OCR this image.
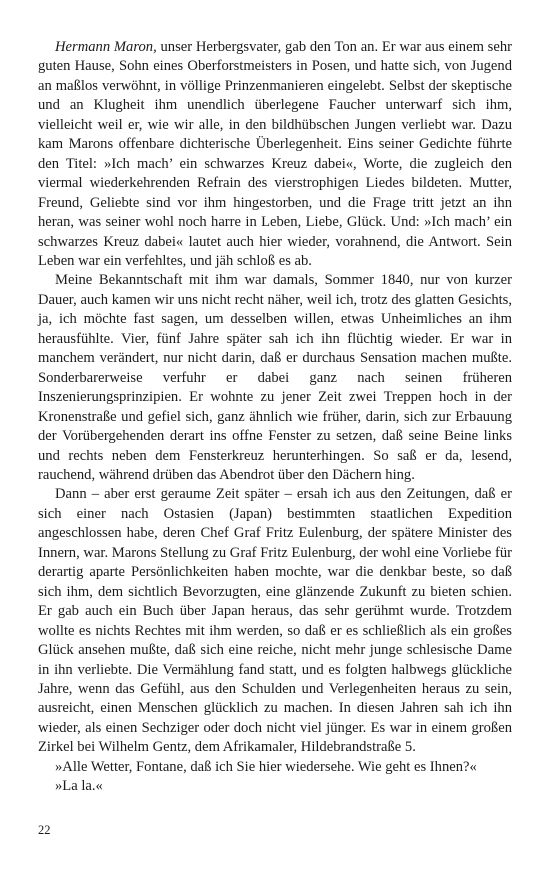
Hermann Maron, unser Herbergsvater, gab den Ton an. Er war aus einem sehr guten Hause, Sohn eines Oberforstmeisters in Posen, und hatte sich, von Jugend an maßlos verwöhnt, in völlige Prinzenmanieren eingelebt. Selbst der skeptische und an Klugheit ihm unendlich überlegene Faucher unterwarf sich ihm, vielleicht weil er, wie wir alle, in den bildhübschen Jungen verliebt war. Dazu kam Marons offenbare dichterische Überlegenheit. Eins seiner Gedichte führte den Titel: »Ich mach’ ein schwarzes Kreuz dabei«, Worte, die zugleich den viermal wiederkehrenden Refrain des vierstrophigen Liedes bildeten. Mutter, Freund, Geliebte sind vor ihm hingestorben, und die Frage tritt jetzt an ihn heran, was seiner wohl noch harre in Leben, Liebe, Glück. Und: »Ich mach’ ein schwarzes Kreuz dabei« lautet auch hier wieder, vorahnend, die Antwort. Sein Leben war ein verfehltes, und jäh schloß es ab.

Meine Bekanntschaft mit ihm war damals, Sommer 1840, nur von kurzer Dauer, auch kamen wir uns nicht recht näher, weil ich, trotz des glatten Gesichts, ja, ich möchte fast sagen, um desselben willen, etwas Unheimliches an ihm herausfühlte. Vier, fünf Jahre später sah ich ihn flüchtig wieder. Er war in manchem verändert, nur nicht darin, daß er durchaus Sensation machen mußte. Sonderbarerweise verfuhr er dabei ganz nach seinen früheren Inszenierungsprinzipien. Er wohnte zu jener Zeit zwei Treppen hoch in der Kronenstraße und gefiel sich, ganz ähnlich wie früher, darin, sich zur Erbauung der Vorübergehenden derart ins offne Fenster zu setzen, daß seine Beine links und rechts neben dem Fensterkreuz herunterhingen. So saß er da, lesend, rauchend, während drüben das Abendrot über den Dächern hing.

Dann – aber erst geraume Zeit später – ersah ich aus den Zeitungen, daß er sich einer nach Ostasien (Japan) bestimmten staatlichen Expedition angeschlossen habe, deren Chef Graf Fritz Eulenburg, der spätere Minister des Innern, war. Marons Stellung zu Graf Fritz Eulenburg, der wohl eine Vorliebe für derartig aparte Persönlichkeiten haben mochte, war die denkbar beste, so daß sich ihm, dem sichtlich Bevorzugten, eine glänzende Zukunft zu bieten schien. Er gab auch ein Buch über Japan heraus, das sehr gerühmt wurde. Trotzdem wollte es nichts Rechtes mit ihm werden, so daß er es schließlich als ein großes Glück ansehen mußte, daß sich eine reiche, nicht mehr junge schlesische Dame in ihn verliebte. Die Vermählung fand statt, und es folgten halbwegs glückliche Jahre, wenn das Gefühl, aus den Schulden und Verlegenheiten heraus zu sein, ausreicht, einen Menschen glücklich zu machen. In diesen Jahren sah ich ihn wieder, als einen Sechziger oder doch nicht viel jünger. Es war in einem großen Zirkel bei Wilhelm Gentz, dem Afrikamaler, Hildebrandstraße 5.

»Alle Wetter, Fontane, daß ich Sie hier wiedersehe. Wie geht es Ihnen?«

»La la.«

22
